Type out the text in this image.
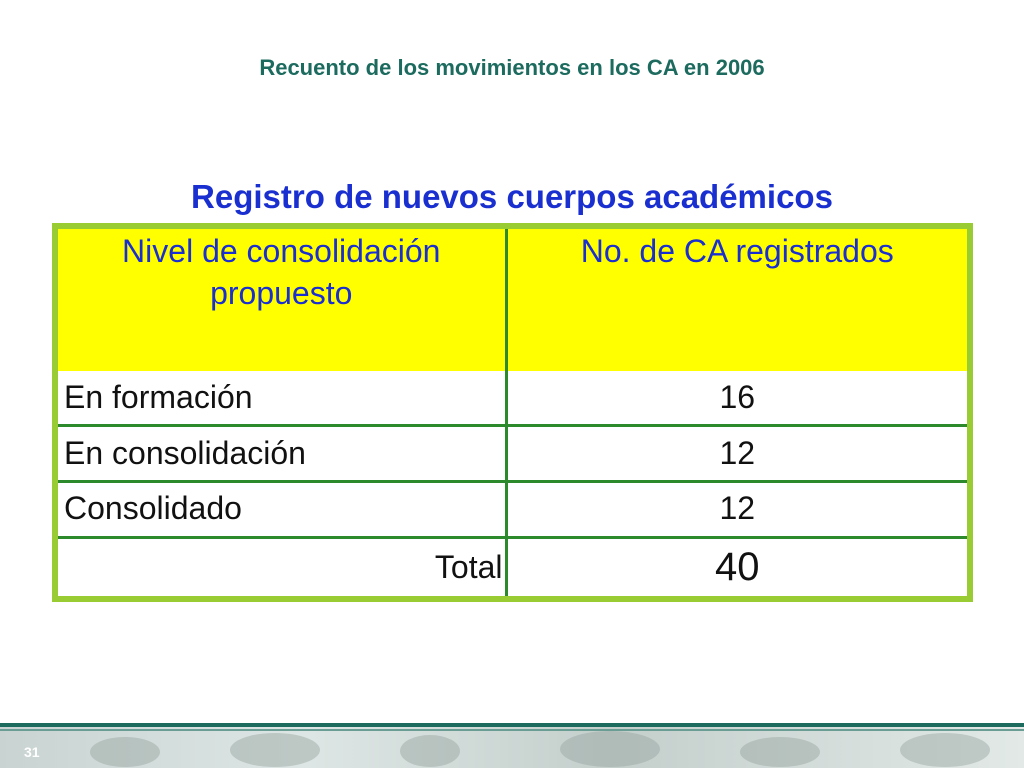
Recuento de los movimientos en los CA en 2006
Registro de nuevos cuerpos académicos
Nivel de consolidación propuesto	No. de CA registrados
En formación	16
En consolidación	12
Consolidado	12
Total	40

31
